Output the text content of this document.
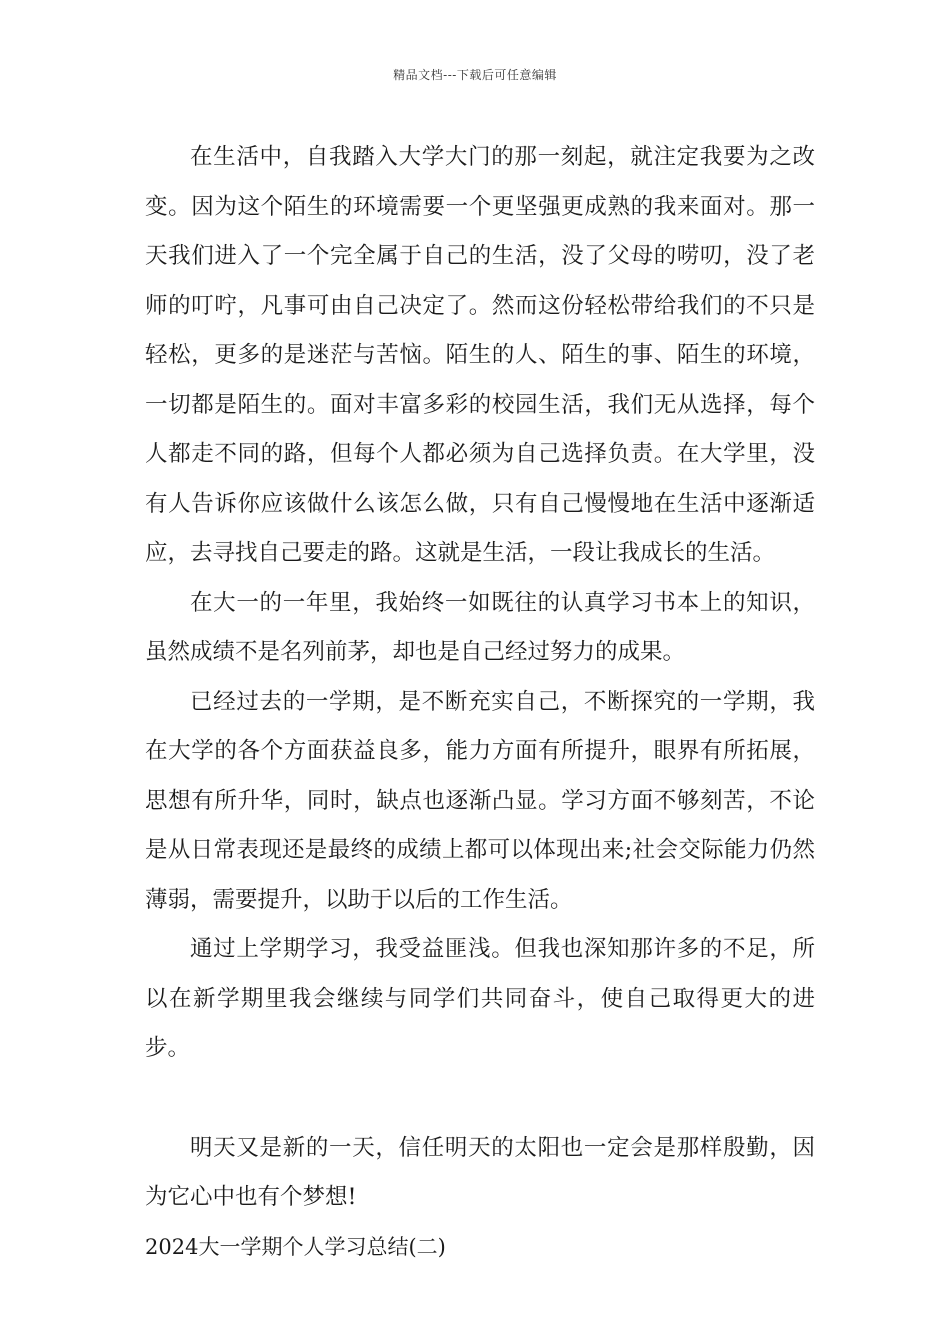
精品文档---下载后可任意编辑

在生活中，自我踏入大学大门的那一刻起，就注定我要为之改变。因为这个陌生的环境需要一个更坚强更成熟的我来面对。那一天我们进入了一个完全属于自己的生活，没了父母的唠叨，没了老师的叮咛，凡事可由自己决定了。然而这份轻松带给我们的不只是轻松，更多的是迷茫与苦恼。陌生的人、陌生的事、陌生的环境，一切都是陌生的。面对丰富多彩的校园生活，我们无从选择，每个人都走不同的路，但每个人都必须为自己选择负责。在大学里，没有人告诉你应该做什么该怎么做，只有自己慢慢地在生活中逐渐适应，去寻找自己要走的路。这就是生活，一段让我成长的生活。

在大一的一年里，我始终一如既往的认真学习书本上的知识，虽然成绩不是名列前茅，却也是自己经过努力的成果。

已经过去的一学期，是不断充实自己，不断探究的一学期，我在大学的各个方面获益良多，能力方面有所提升，眼界有所拓展，思想有所升华，同时，缺点也逐渐凸显。学习方面不够刻苦，不论是从日常表现还是最终的成绩上都可以体现出来;社会交际能力仍然薄弱，需要提升，以助于以后的工作生活。

通过上学期学习，我受益匪浅。但我也深知那许多的不足，所以在新学期里我会继续与同学们共同奋斗，使自己取得更大的进步。

明天又是新的一天，信任明天的太阳也一定会是那样殷勤，因为它心中也有个梦想!

2024大一学期个人学习总结(二)
